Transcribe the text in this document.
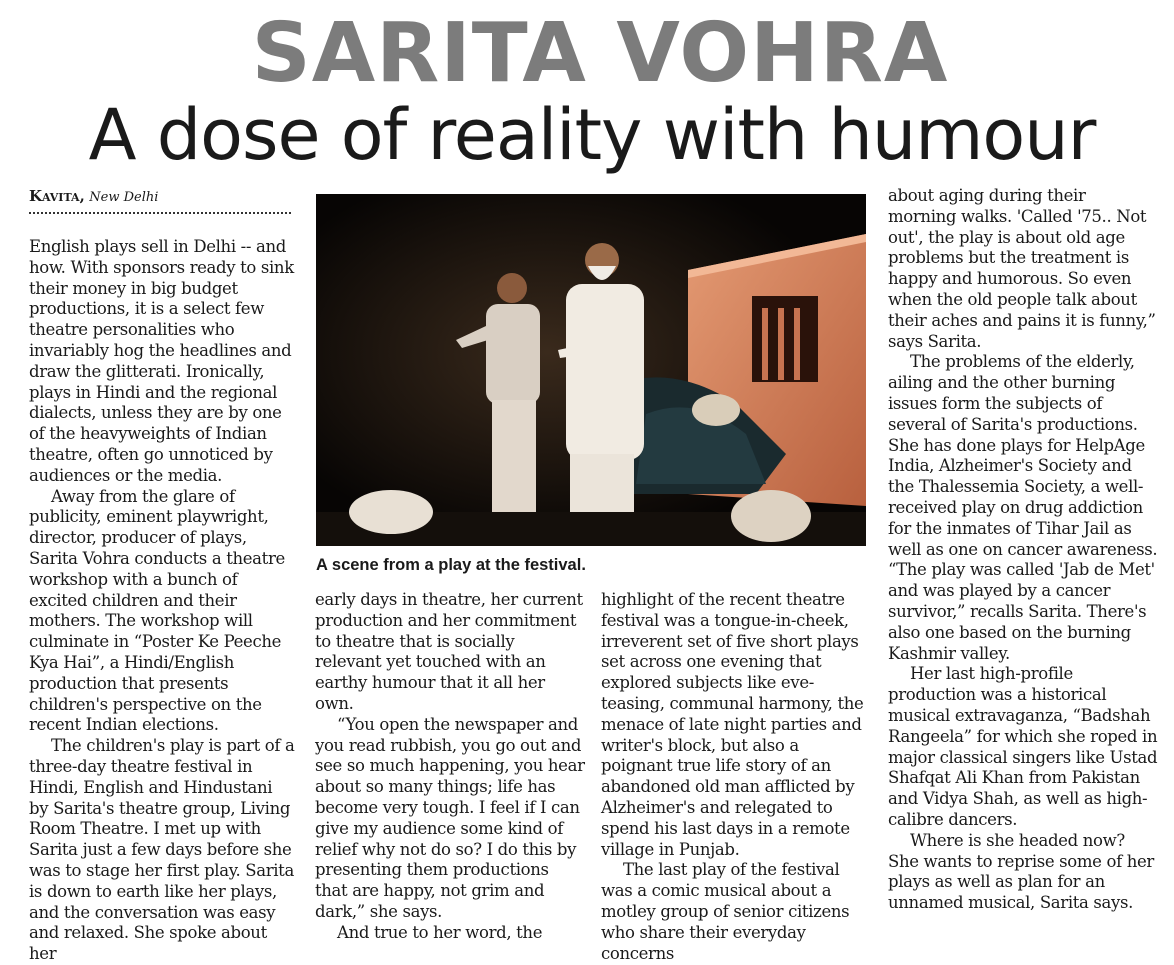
SARITA VOHRA
A dose of reality with humour
Kavita, New Delhi

English plays sell in Delhi -- and how. With sponsors ready to sink their money in big budget productions, it is a select few theatre personalities who invariably hog the headlines and draw the glitterati. Ironically, plays in Hindi and the regional dialects, unless they are by one of the heavyweights of Indian theatre, often go unnoticed by audiences or the media.

Away from the glare of publicity, eminent playwright, director, producer of plays, Sarita Vohra conducts a theatre workshop with a bunch of excited children and their mothers. The workshop will culminate in “Poster Ke Peeche Kya Hai”, a Hindi/English production that presents children's perspective on the recent Indian elections.

The children's play is part of a three-day theatre festival in Hindi, English and Hindustani by Sarita's theatre group, Living Room Theatre. I met up with Sarita just a few days before she was to stage her first play. Sarita is down to earth like her plays, and the conversation was easy and relaxed. She spoke about her

A scene from a play at the festival.

early days in theatre, her current production and her commitment to theatre that is socially relevant yet touched with an earthy humour that it all her own.

“You open the newspaper and you read rubbish, you go out and see so much happening, you hear about so many things; life has become very tough. I feel if I can give my audience some kind of relief why not do so? I do this by presenting them productions that are happy, not grim and dark,” she says.

And true to her word, the

highlight of the recent theatre festival was a tongue-in-cheek, irreverent set of five short plays set across one evening that explored subjects like eve-teasing, communal harmony, the menace of late night parties and writer's block, but also a poignant true life story of an abandoned old man afflicted by Alzheimer's and relegated to spend his last days in a remote village in Punjab.

The last play of the festival was a comic musical about a motley group of senior citizens who share their everyday concerns

about aging during their morning walks. 'Called '75.. Not out', the play is about old age problems but the treatment is happy and humorous. So even when the old people talk about their aches and pains it is funny,” says Sarita.

The problems of the elderly, ailing and the other burning issues form the subjects of several of Sarita's productions. She has done plays for HelpAge India, Alzheimer's Society and the Thalessemia Society, a well-received play on drug addiction for the inmates of Tihar Jail as well as one on cancer awareness. “The play was called 'Jab de Met' and was played by a cancer survivor,” recalls Sarita. There's also one based on the burning Kashmir valley.

Her last high-profile production was a historical musical extravaganza, “Badshah Rangeela” for which she roped in major classical singers like Ustad Shafqat Ali Khan from Pakistan and Vidya Shah, as well as high-calibre dancers.

Where is she headed now? She wants to reprise some of her plays as well as plan for an unnamed musical, Sarita says.
